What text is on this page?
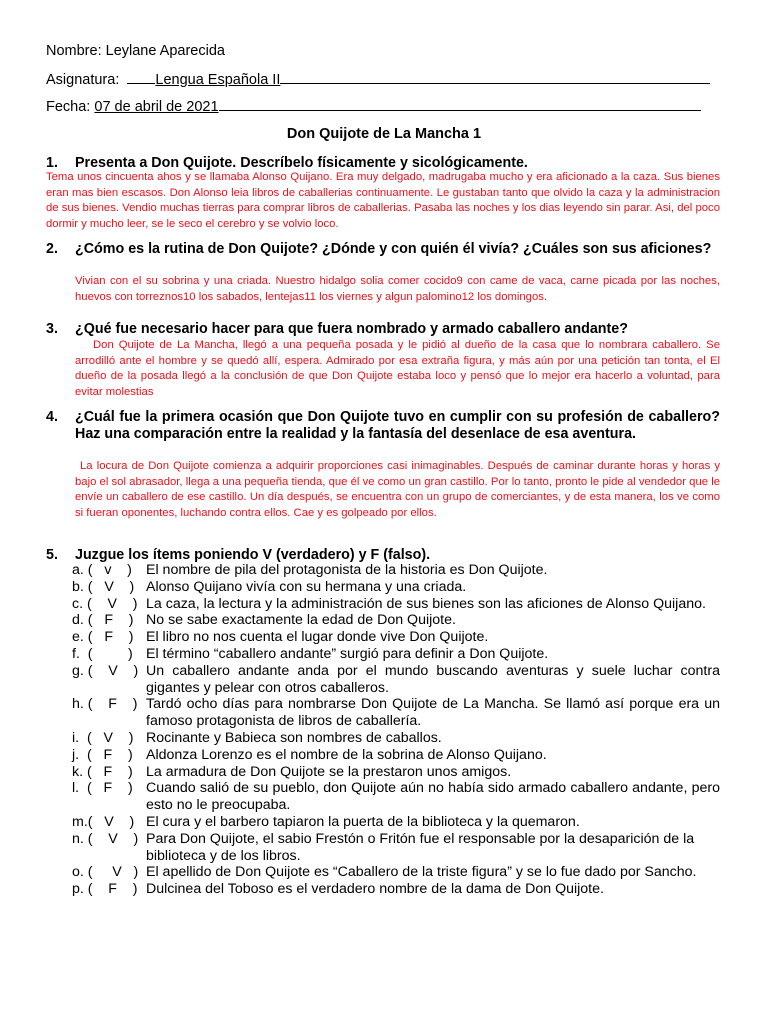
Nombre: Leylane Aparecida
Asignatura: Lengua Española II
Fecha: 07 de abril de 2021
Don Quijote de La Mancha 1
1. Presenta a Don Quijote. Descríbelo físicamente y sicológicamente.
Tema unos cincuenta ahos y se llamaba Alonso Quijano. Era muy delgado, madrugaba mucho y era aficionado a la caza. Sus bienes eran mas bien escasos. Don Alonso leia libros de caballerias continuamente. Le gustaban tanto que olvido la caza y la administracion de sus bienes. Vendio muchas tierras para comprar libros de caballerias. Pasaba las noches y los dias leyendo sin parar. Asi, del poco dormir y mucho leer, se le seco el cerebro y se volvio loco.
2. ¿Cómo es la rutina de Don Quijote? ¿Dónde y con quién él vivía? ¿Cuáles son sus aficiones?
Vivian con el su sobrina y una criada. Nuestro hidalgo solia comer cocido9 con came de vaca, carne picada por las noches, huevos con torreznos10 los sabados, lentejas11 los viernes y algun palomino12 los domingos.
3. ¿Qué fue necesario hacer para que fuera nombrado y armado caballero andante?
Don Quijote de La Mancha, llegó a una pequeña posada y le pidió al dueño de la casa que lo nombrara caballero. Se arrodilló ante el hombre y se quedó allí, espera. Admirado por esa extraña figura, y más aún por una petición tan tonta, el El dueño de la posada llegó a la conclusión de que Don Quijote estaba loco y pensó que lo mejor era hacerlo a voluntad, para evitar molestias
4. ¿Cuál fue la primera ocasión que Don Quijote tuvo en cumplir con su profesión de caballero? Haz una comparación entre la realidad y la fantasía del desenlace de esa aventura.
La locura de Don Quijote comienza a adquirir proporciones casi inimaginables. Después de caminar durante horas y horas y bajo el sol abrasador, llega a una pequeña tienda, que él ve como un gran castillo. Por lo tanto, pronto le pide al vendedor que le envíe un caballero de ese castillo. Un día después, se encuentra con un grupo de comerciantes, y de esta manera, los ve como si fueran oponentes, luchando contra ellos. Cae y es golpeado por ellos.
5. Juzgue los ítems poniendo V (verdadero) y F (falso).
a. (   v    ) El nombre de pila del protagonista de la historia es Don Quijote.
b. (   V    ) Alonso Quijano vivía con su hermana y una criada.
c. (    V    ) La caza, la lectura y la administración de sus bienes son las aficiones de Alonso Quijano.
d. (   F    ) No se sabe exactamente la edad de Don Quijote.
e. (   F    ) El libro no nos cuenta el lugar donde vive Don Quijote.
f.  (         ) El término “caballero andante” surgió para definir a Don Quijote.
g. (    V    ) Un caballero andante anda por el mundo buscando aventuras y suele luchar contra gigantes y pelear con otros caballeros.
h. (    F    ) Tardó ocho días para nombrarse Don Quijote de La Mancha. Se llamó así porque era un famoso protagonista de libros de caballería.
i.  (   V    ) Rocinante y Babieca son nombres de caballos.
j.  (   F    ) Aldonza Lorenzo es el nombre de la sobrina de Alonso Quijano.
k. (   F    ) La armadura de Don Quijote se la prestaron unos amigos.
l.  (   F    ) Cuando salió de su pueblo, don Quijote aún no había sido armado caballero andante, pero esto no le preocupaba.
m.(   V    ) El cura y el barbero tapiaron la puerta de la biblioteca y la quemaron.
n. (    V    ) Para Don Quijote, el sabio Frestón o Fritón fue el responsable por la desaparición de la biblioteca y de los libros.
o. (     V   ) El apellido de Don Quijote es “Caballero de la triste figura” y se lo fue dado por Sancho.
p. (    F    ) Dulcinea del Toboso es el verdadero nombre de la dama de Don Quijote.
